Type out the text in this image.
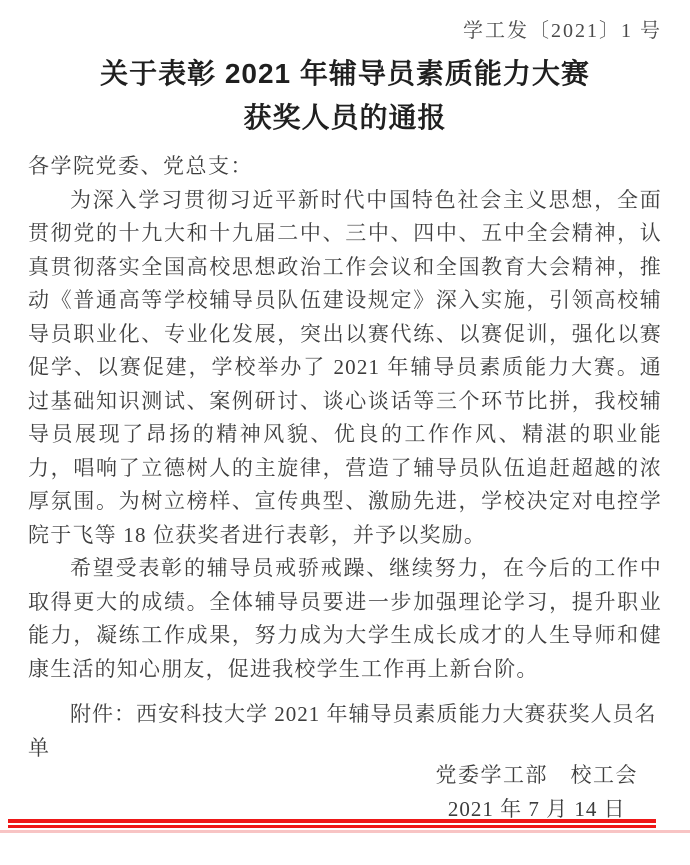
学工发〔2021〕1 号
关于表彰 2021 年辅导员素质能力大赛
获奖人员的通报
各学院党委、党总支：

为深入学习贯彻习近平新时代中国特色社会主义思想，全面贯彻党的十九大和十九届二中、三中、四中、五中全会精神，认真贯彻落实全国高校思想政治工作会议和全国教育大会精神，推动《普通高等学校辅导员队伍建设规定》深入实施，引领高校辅导员职业化、专业化发展，突出以赛代练、以赛促训，强化以赛促学、以赛促建，学校举办了 2021 年辅导员素质能力大赛。通过基础知识测试、案例研讨、谈心谈话等三个环节比拼，我校辅导员展现了昂扬的精神风貌、优良的工作作风、精湛的职业能力，唱响了立德树人的主旋律，营造了辅导员队伍追赶超越的浓厚氛围。为树立榜样、宣传典型、激励先进，学校决定对电控学院于飞等 18 位获奖者进行表彰，并予以奖励。

希望受表彰的辅导员戒骄戒躁、继续努力，在今后的工作中取得更大的成绩。全体辅导员要进一步加强理论学习，提升职业能力，凝练工作成果，努力成为大学生成长成才的人生导师和健康生活的知心朋友，促进我校学生工作再上新台阶。

附件：西安科技大学 2021 年辅导员素质能力大赛获奖人员名单
党委学工部　校工会
2021 年 7 月 14 日
